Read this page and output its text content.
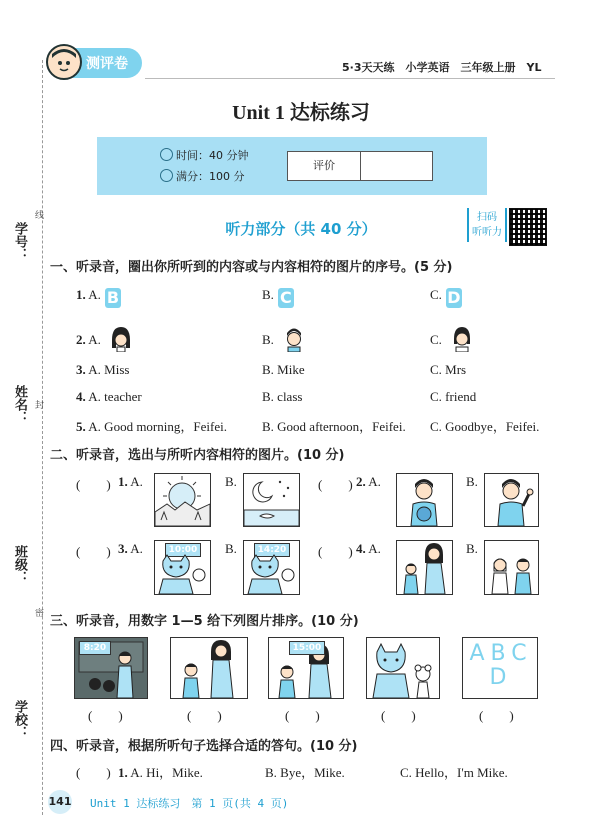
学号：
线
姓名： 封
班级：
密
学校：
测评卷	5·3天天练　小学英语　三年级上册　YL
Unit 1 达标练习
时间：40 分钟
满分：100 分
评价
听力部分（共 40 分）
扫码
听听力
一、听录音，圈出你所听到的内容或与内容相符的图片的序号。(5 分)
1. A. B	B. C	C. D
2. A.	B.	C.
3. A. Miss	B. Mike	C. Mrs
4. A. teacher	B. class	C. friend
5. A. Good morning，Feifei.	B. Good afternoon，Feifei. C. Goodbye，Feifei.
二、听录音，选出与所听内容相符的图片。(10 分)
(　　) 1. A.	B.	(　　) 2. A.	B.
(　　) 3. A.	10:00 B.	14:20 (　　) 4. A.	B.
三、听录音，用数字 1—5 给下列图片排序。(10 分)
8:20	15:00	ABCD
(　　)	(　　)	(　　)	(　　)	(　　)
四、听录音，根据所听句子选择合适的答句。(10 分)
(　　) 1. A. Hi，Mike.	B. Bye，Mike.	C. Hello，I'm Mike.
141 Unit 1 达标练习　第 1 页(共 4 页)
